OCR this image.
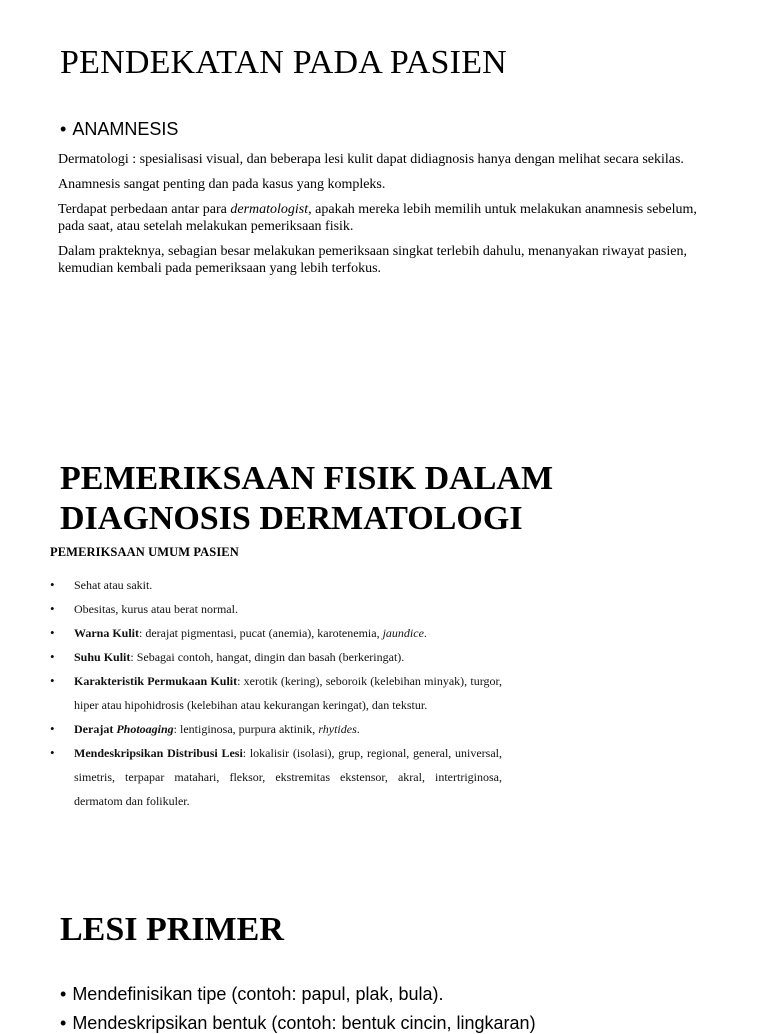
PENDEKATAN PADA PASIEN
• ANAMNESIS

Dermatologi : spesialisasi visual, dan beberapa lesi kulit dapat didiagnosis hanya dengan melihat secara sekilas.

Anamnesis sangat penting dan pada kasus yang kompleks.

Terdapat perbedaan antar para dermatologist, apakah mereka lebih memilih untuk melakukan anamnesis sebelum, pada saat, atau setelah melakukan pemeriksaan fisik.

Dalam prakteknya, sebagian besar melakukan pemeriksaan singkat terlebih dahulu, menanyakan riwayat pasien, kemudian kembali pada pemeriksaan yang lebih terfokus.

PEMERIKSAAN FISIK DALAM
DIAGNOSIS DERMATOLOGI
PEMERIKSAAN UMUM PASIEN
• Sehat atau sakit.
• Obesitas, kurus atau berat normal.
• Warna Kulit: derajat pigmentasi, pucat (anemia), karotenemia, jaundice.
• Suhu Kulit: Sebagai contoh, hangat, dingin dan basah (berkeringat).
• Karakteristik Permukaan Kulit: xerotik (kering), seboroik (kelebihan minyak), turgor, hiper atau hipohidrosis (kelebihan atau kekurangan keringat), dan tekstur.
• Derajat Photoaging: lentiginosa, purpura aktinik, rhytides.
• Mendeskripsikan Distribusi Lesi: lokalisir (isolasi), grup, regional, general, universal, simetris, terpapar matahari, fleksor, ekstremitas ekstensor, akral, intertriginosa, dermatom dan folikuler.
LESI PRIMER
• Mendefinisikan tipe (contoh: papul, plak, bula).
• Mendeskripsikan bentuk (contoh: bentuk cincin, lingkaran)
